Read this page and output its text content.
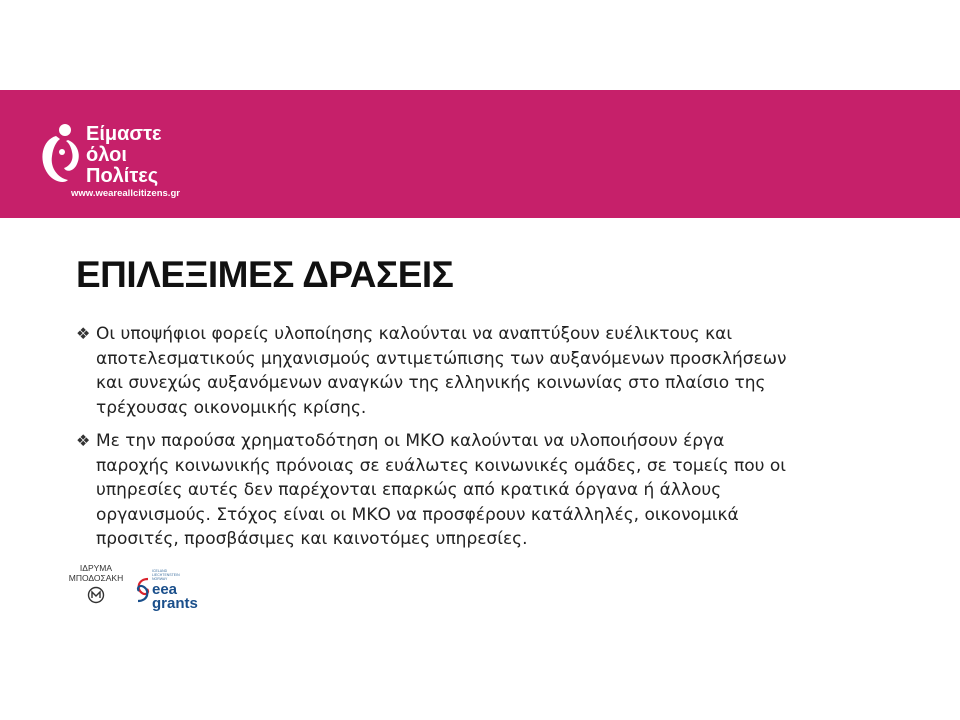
Είμαστε
όλοι
Πολίτες
www.weareallcitizens.gr
ΕΠΙΛΕΞΙΜΕΣ ΔΡΑΣΕΙΣ
❖ Οι υποψήφιοι φορείς υλοποίησης καλούνται να αναπτύξουν ευέλικτους και
αποτελεσματικούς μηχανισμούς αντιμετώπισης των αυξανόμενων προσκλήσεων
και συνεχώς αυξανόμενων αναγκών της ελληνικής κοινωνίας στο πλαίσιο της
τρέχουσας οικονομικής κρίσης.
❖ Με την παρούσα χρηματοδότηση οι ΜΚΟ καλούνται να υλοποιήσουν έργα
παροχής κοινωνικής πρόνοιας σε ευάλωτες κοινωνικές ομάδες, σε τομείς που οι
υπηρεσίες αυτές δεν παρέχονται επαρκώς από κρατικά όργανα ή άλλους
οργανισμούς. Στόχος είναι οι ΜΚΟ να προσφέρουν κατάλληλές, οικονομικά
προσιτές, προσβάσιμες και καινοτόμες υπηρεσίες.
ΙΔΡΥΜΑ
ΜΠΟΔΟΣΑΚΗ
ICELAND
LIECHTENSTEIN
NORWAY
eea
grants
